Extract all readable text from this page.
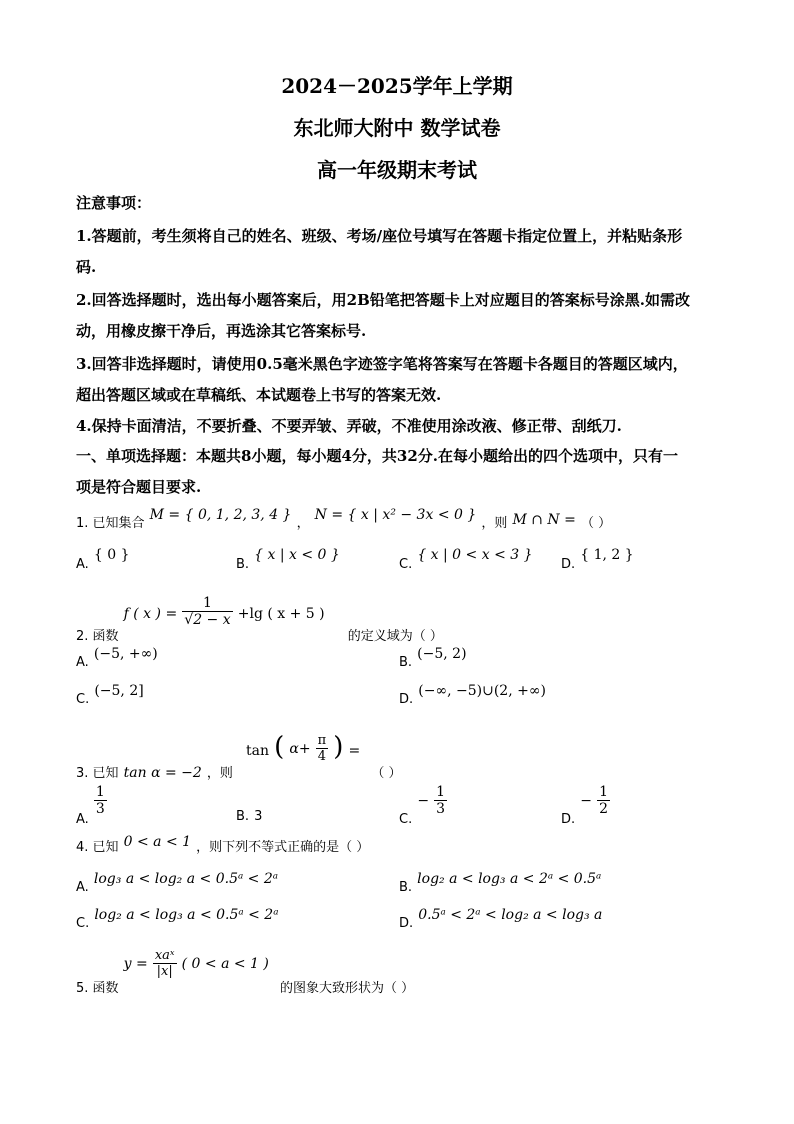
2024－2025学年上学期
东北师大附中 数学试卷
高一年级期末考试
注意事项：
1.答题前，考生须将自己的姓名、班级、考场/座位号填写在答题卡指定位置上，并粘贴条形
码.
2.回答选择题时，选出每小题答案后，用2B铅笔把答题卡上对应题目的答案标号涂黑.如需改
动，用橡皮擦干净后，再选涂其它答案标号.
3.回答非选择题时，请使用0.5毫米黑色字迹签字笔将答案写在答题卡各题目的答题区域内，
超出答题区域或在草稿纸、本试题卷上书写的答案无效.
4.保持卡面清洁，不要折叠、不要弄皱、弄破，不准使用涂改液、修正带、刮纸刀.
一、单项选择题：本题共8小题，每小题4分，共32分.在每小题给出的四个选项中，只有一
项是符合题目要求.
1. 已知集合 M = { 0, 1, 2, 3, 4 } ， N = { x | x² − 3x < 0 } ，则 M ∩ N = （ ）
A. { 0 }
B. { x | x < 0 }
C. { x | 0 < x < 3 }
D. { 1, 2 }
$_{2. 函数}$ f ( x ) = $\frac{1}{√2 - x} +\lg$ ( x + 5 ) $_{的定义域为( )}$
A. (−5, +∞)
B. (−5, 2)
C. (−5, 2]
D. (−∞, −5)∪(2, +∞)
$_{3. 已知}$ tan α = −2 $_{,则}$ tan ( $\alpha+ \frac{\pi}{4}$ ) = $_{( )}$
$_{A.}$
$\frac{1}{3}$	B. 3	$_{C.} - \frac{1}{3}$
$_{D.} - \frac{1}{2}$
4. 已知 0 < a < 1 ，则下列不等式正确的是（ ）
A. log₃ a < log₂ a < 0.5ᵃ < 2ᵃ
B. log₂ a < log₃ a < 2ᵃ < 0.5ᵃ
C. log₂ a < log₃ a < 0.5ᵃ < 2ᵃ
D. 0.5ᵃ < 2ᵃ < log₂ a < log₃ a
$_{5. 函数}$ $y = \frac{\text{xaˣ}}{|x|}$ ( 0 < a < 1 ) $_{的图象大致形状为( )}$
